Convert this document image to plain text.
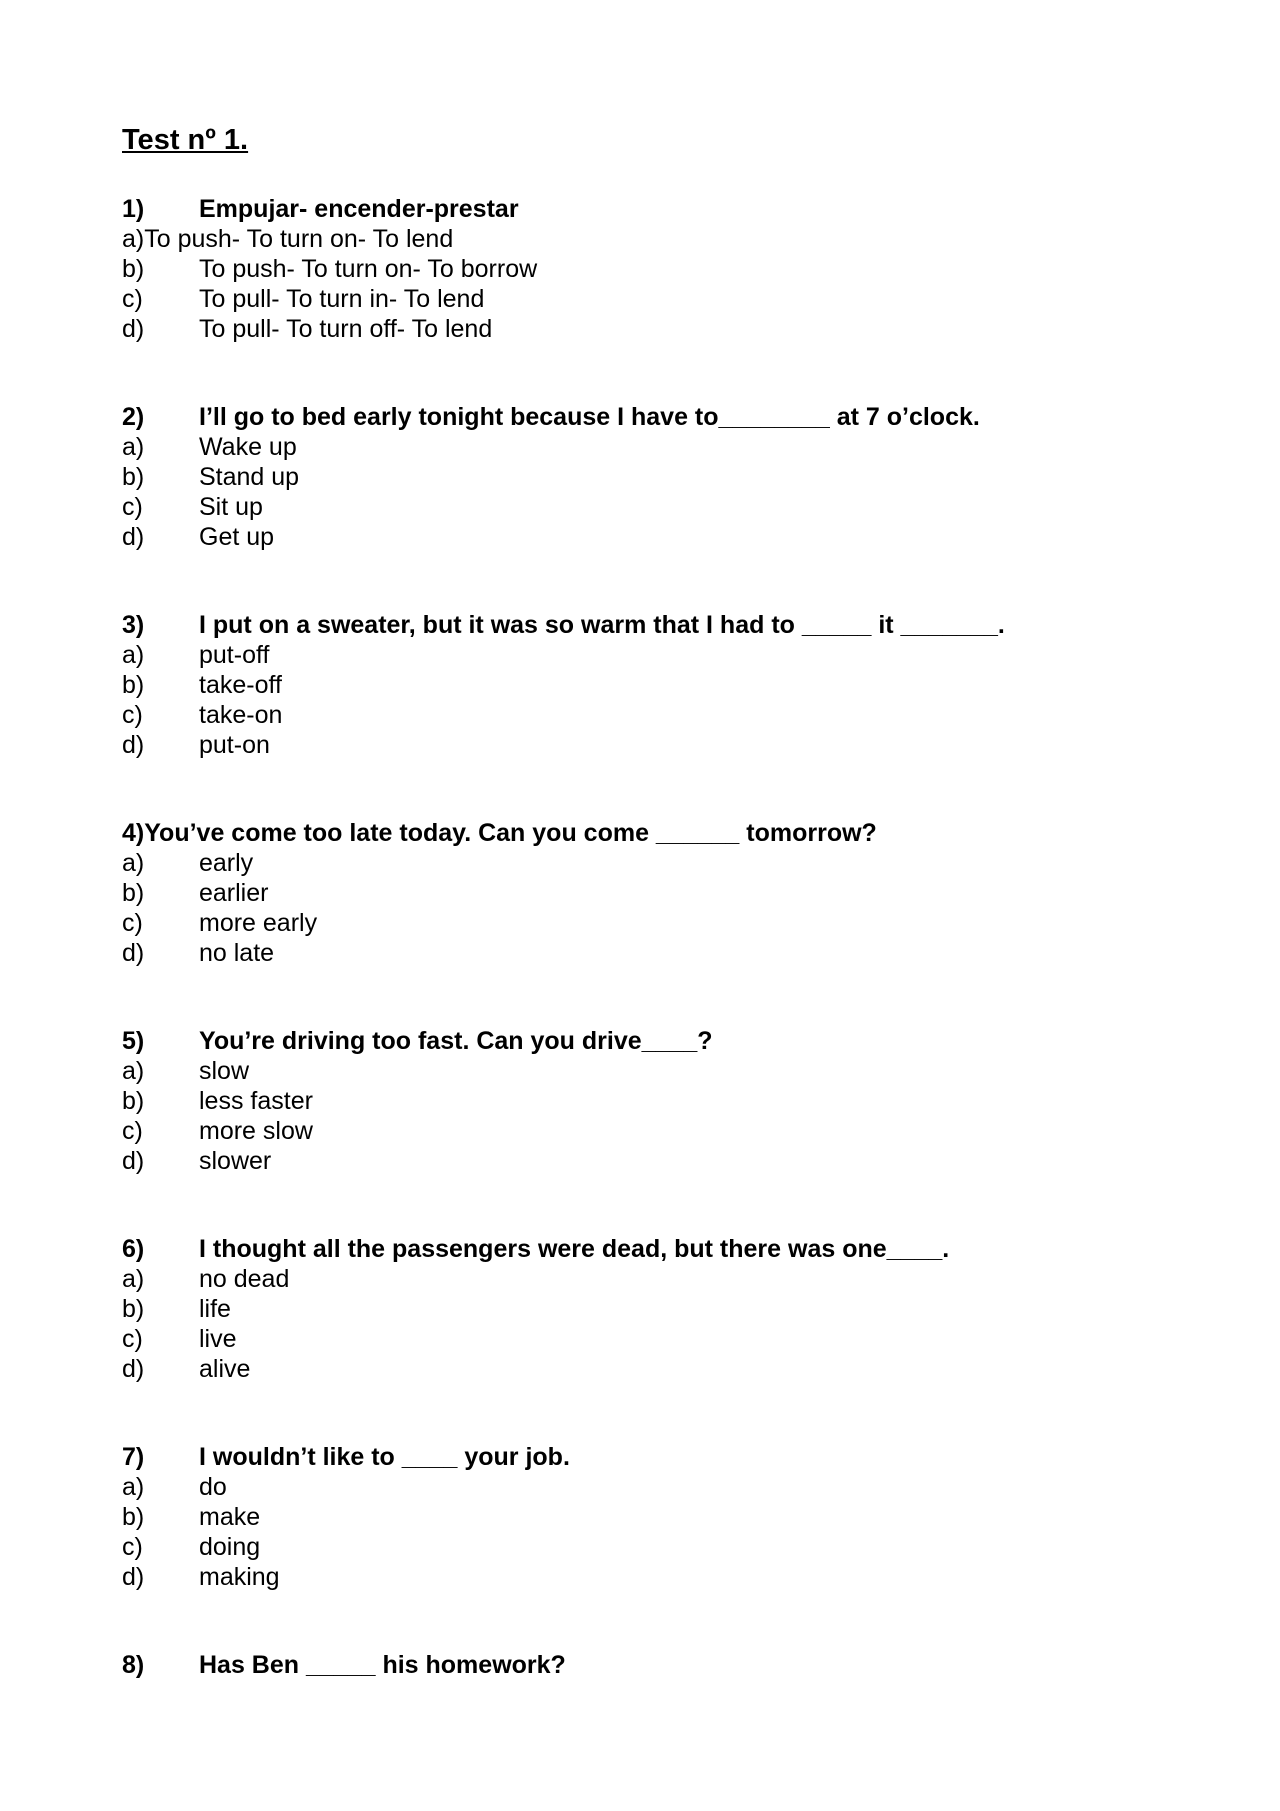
Test nº 1.
1) Empujar- encender-prestar
a)To push- To turn on- To lend
b) To push- To turn on- To borrow
c) To pull- To turn in- To lend
d) To pull- To turn off- To lend
2) I’ll go to bed early tonight because I have to________ at 7 o’clock.
a) Wake up
b) Stand up
c) Sit up
d) Get up
3) I put on a sweater, but it was so warm that I had to _____ it _______.
a) put-off
b) take-off
c) take-on
d) put-on
4)You’ve come too late today. Can you come ______ tomorrow?
a) early
b) earlier
c) more early
d) no late
5) You’re driving too fast. Can you drive____?
a) slow
b) less faster
c) more slow
d) slower
6) I thought all the passengers were dead, but there was one____.
a) no dead
b) life
c) live
d) alive
7) I wouldn’t like to ____ your job.
a) do
b) make
c) doing
d) making
8) Has Ben _____ his homework?
